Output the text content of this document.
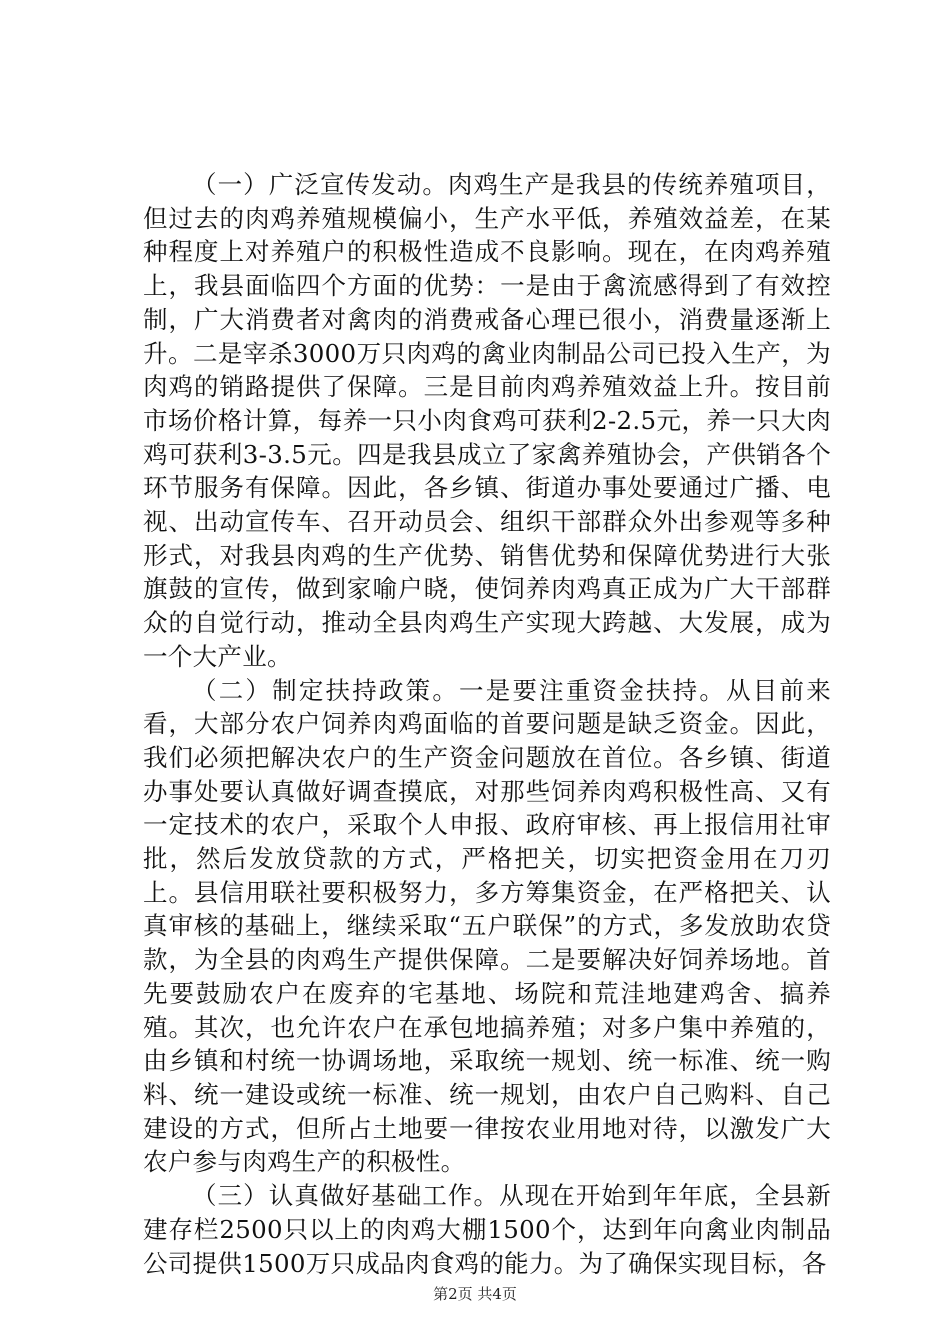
（一）广泛宣传发动。肉鸡生产是我县的传统养殖项目，但过去的肉鸡养殖规模偏小，生产水平低，养殖效益差，在某种程度上对养殖户的积极性造成不良影响。现在，在肉鸡养殖上，我县面临四个方面的优势：一是由于禽流感得到了有效控制，广大消费者对禽肉的消费戒备心理已很小，消费量逐渐上升。二是宰杀3000万只肉鸡的禽业肉制品公司已投入生产，为肉鸡的销路提供了保障。三是目前肉鸡养殖效益上升。按目前市场价格计算，每养一只小肉食鸡可获利2-2.5元，养一只大肉鸡可获利3-3.5元。四是我县成立了家禽养殖协会，产供销各个环节服务有保障。因此，各乡镇、街道办事处要通过广播、电视、出动宣传车、召开动员会、组织干部群众外出参观等多种形式，对我县肉鸡的生产优势、销售优势和保障优势进行大张旗鼓的宣传，做到家喻户晓，使饲养肉鸡真正成为广大干部群众的自觉行动，推动全县肉鸡生产实现大跨越、大发展，成为一个大产业。

（二）制定扶持政策。一是要注重资金扶持。从目前来看，大部分农户饲养肉鸡面临的首要问题是缺乏资金。因此，我们必须把解决农户的生产资金问题放在首位。各乡镇、街道办事处要认真做好调查摸底，对那些饲养肉鸡积极性高、又有一定技术的农户，采取个人申报、政府审核、再上报信用社审批，然后发放贷款的方式，严格把关，切实把资金用在刀刃上。县信用联社要积极努力，多方筹集资金，在严格把关、认真审核的基础上，继续采取“五户联保”的方式，多发放助农贷款，为全县的肉鸡生产提供保障。二是要解决好饲养场地。首先要鼓励农户在废弃的宅基地、场院和荒洼地建鸡舍、搞养殖。其次，也允许农户在承包地搞养殖；对多户集中养殖的，由乡镇和村统一协调场地，采取统一规划、统一标准、统一购料、统一建设或统一标准、统一规划，由农户自己购料、自己建设的方式，但所占土地要一律按农业用地对待，以激发广大农户参与肉鸡生产的积极性。

（三）认真做好基础工作。从现在开始到年年底，全县新建存栏2500只以上的肉鸡大棚1500个，达到年向禽业肉制品公司提供1500万只成品肉食鸡的能力。为了确保实现目标，各

第2页 共4页
